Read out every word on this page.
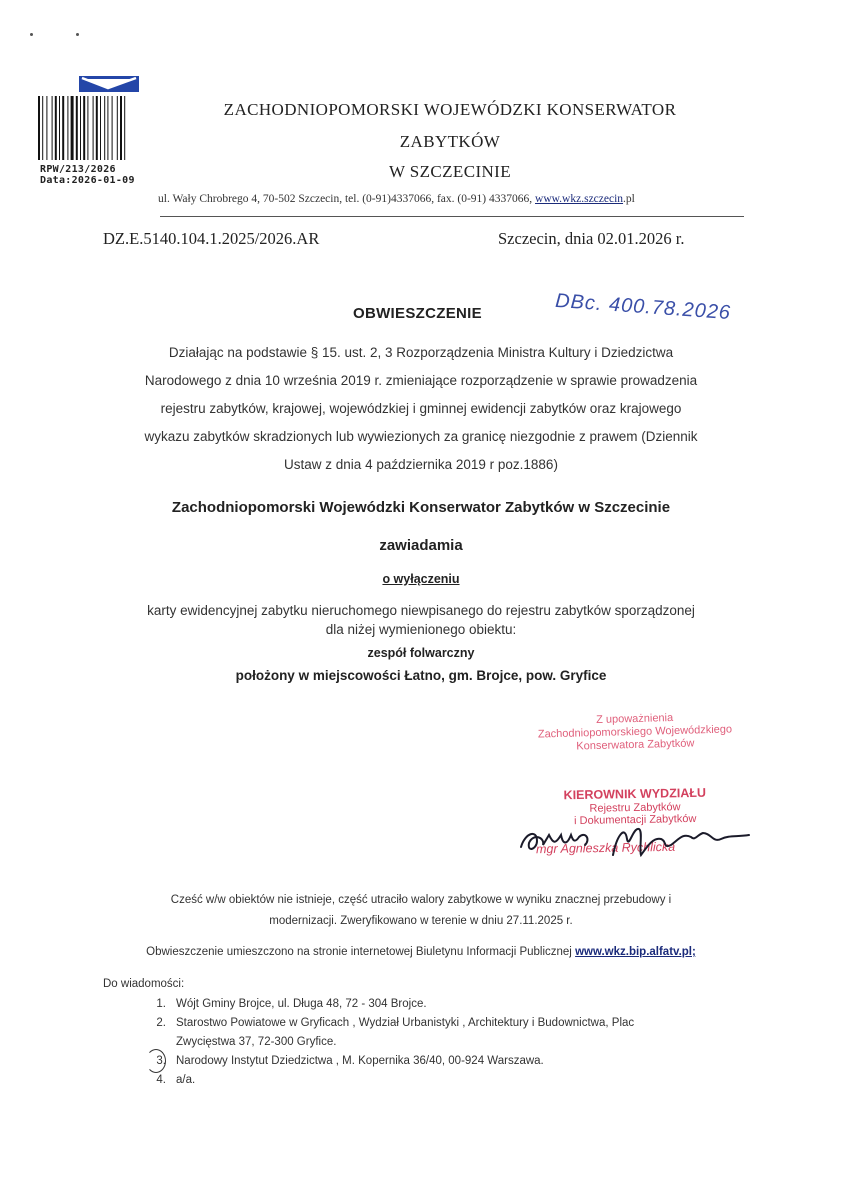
RPW/213/2026
Data:2026-01-09
ZACHODNIOPOMORSKI WOJEWÓDZKI KONSERWATOR
ZABYTKÓW
W SZCZECINIE
ul. Wały Chrobrego 4, 70-502 Szczecin, tel. (0-91)4337066, fax. (0-91) 4337066, www.wkz.szczecin.pl
DZ.E.5140.104.1.2025/2026.AR	Szczecin, dnia 02.01.2026 r.
OBWIESZCZENIE	DBc. 400.78.2026
Działając na podstawie § 15. ust. 2, 3 Rozporządzenia Ministra Kultury i Dziedzictwa
Narodowego z dnia 10 września 2019 r. zmieniające rozporządzenie w sprawie prowadzenia
rejestru zabytków, krajowej, wojewódzkiej i gminnej ewidencji zabytków oraz krajowego
wykazu zabytków skradzionych lub wywiezionych za granicę niezgodnie z prawem (Dziennik
Ustaw z dnia 4 października 2019 r poz.1886)
Zachodniopomorski Wojewódzki Konserwator Zabytków w Szczecinie
zawiadamia
o wyłączeniu
karty ewidencyjnej zabytku nieruchomego niewpisanego do rejestru zabytków sporządzonej
dla niżej wymienionego obiektu:
zespół folwarczny
położony w miejscowości Łatno, gm. Brojce, pow. Gryfice
Z upoważnienia
Zachodniopomorskiego Wojewódzkiego
Konserwatora Zabytków
KIEROWNIK WYDZIAŁU
Rejestru Zabytków
i Dokumentacji Zabytków
mgr Agnieszka Rychlicka
Cześć w/w obiektów nie istnieje, część utraciło walory zabytkowe w wyniku znacznej przebudowy i
modernizacji. Zweryfikowano w terenie w dniu 27.11.2025 r.
Obwieszczenie umieszczono na stronie internetowej Biuletynu Informacji Publicznej www.wkz.bip.alfatv.pl;
Do wiadomości:
1. Wójt Gminy Brojce, ul. Długa 48, 72 - 304 Brojce.
2. Starostwo Powiatowe w Gryficach , Wydział Urbanistyki , Architektury i Budownictwa, Plac
Zwycięstwa 37, 72-300 Gryfice.
3. Narodowy Instytut Dziedzictwa , M. Kopernika 36/40, 00-924 Warszawa.
4. a/a.
